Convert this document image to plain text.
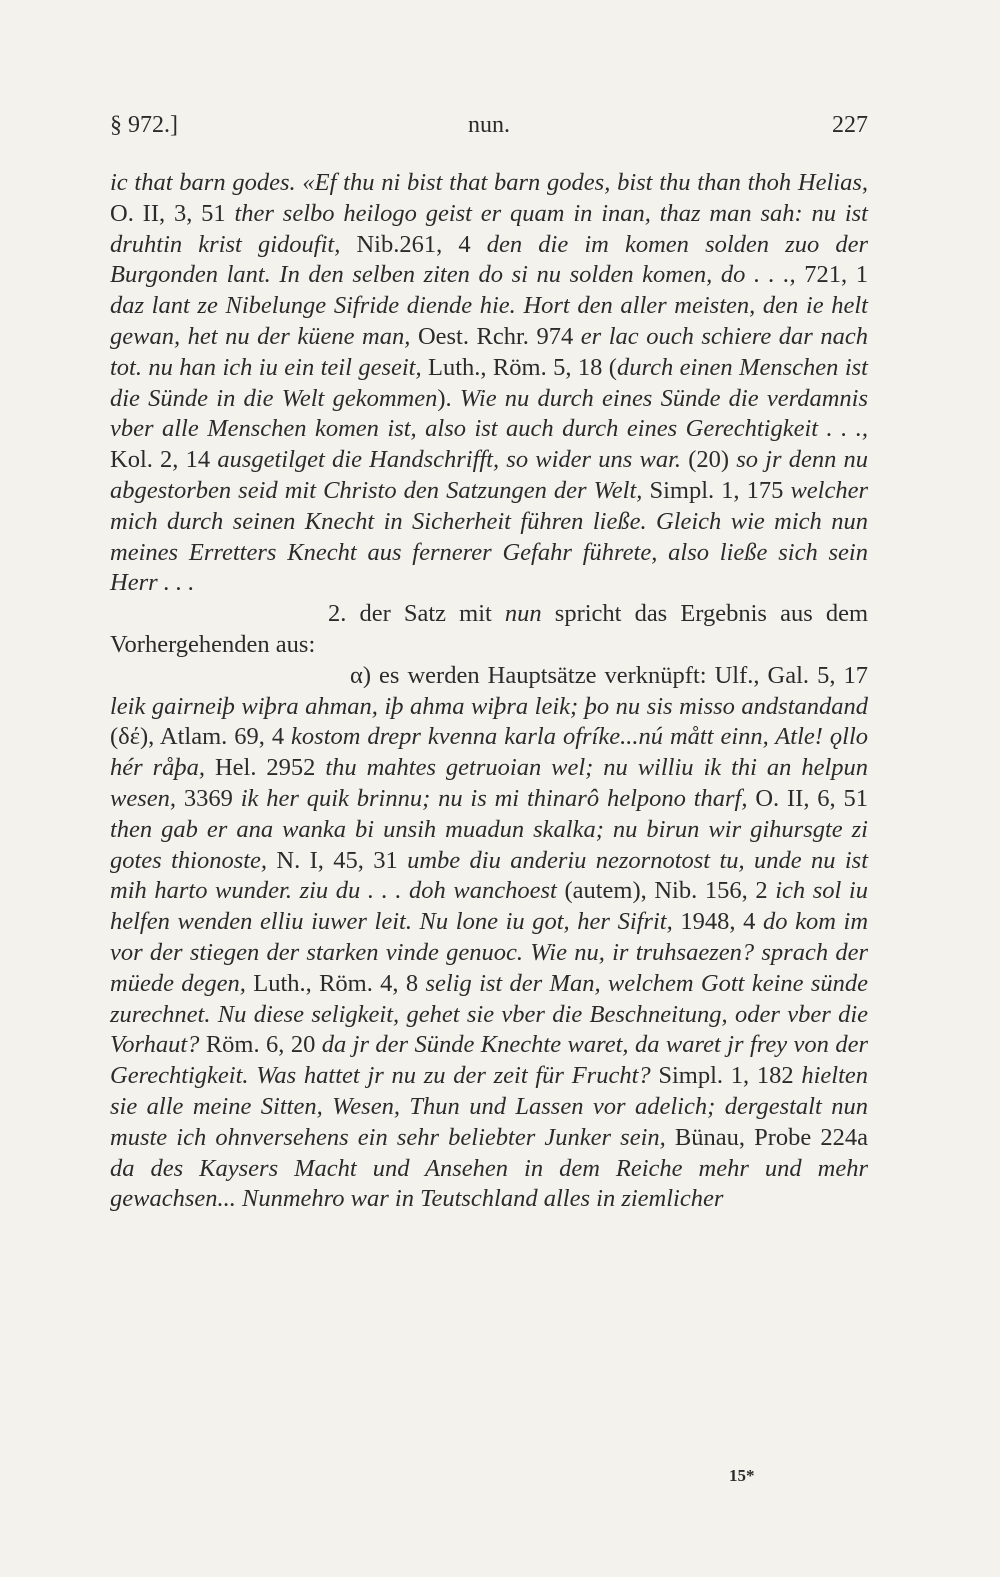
§ 972.]	nun.	227

ic that barn godes. «Ef thu ni bist that barn godes, bist thu than thoh Helias, O. II, 3, 51 ther selbo heilogo geist er quam in inan, thaz man sah: nu ist druhtin krist gidoufit, Nib.261, 4 den die im komen solden zuo der Burgonden lant. In den selben ziten do si nu solden komen, do . . ., 721, 1 daz lant ze Nibelunge Sifride diende hie. Hort den aller meisten, den ie helt gewan, het nu der küene man, Oest. Rchr. 974 er lac ouch schiere dar nach tot. nu han ich iu ein teil geseit, Luth., Röm. 5, 18 (durch einen Menschen ist die Sünde in die Welt gekommen). Wie nu durch eines Sünde die verdamnis vber alle Menschen komen ist, also ist auch durch eines Gerechtigkeit . . ., Kol. 2, 14 ausgetilget die Handschrifft, so wider uns war. (20) so jr denn nu abgestorben seid mit Christo den Satzungen der Welt, Simpl. 1, 175 welcher mich durch seinen Knecht in Sicherheit führen ließe. Gleich wie mich nun meines Erretters Knecht aus fernerer Gefahr führete, also ließe sich sein Herr . . .

2. der Satz mit nun spricht das Ergebnis aus dem Vorhergehenden aus:

α) es werden Hauptsätze verknüpft: Ulf., Gal. 5, 17 leik gairneiþ wiþra ahman, iþ ahma wiþra leik; þo nu sis misso andstandand (δέ), Atlam. 69, 4 kostom drepr kvenna karla ofríke...nú mått einn, Atle! ǫllo hér råþa, Hel. 2952 thu mahtes getruoian wel; nu williu ik thi an helpun wesen, 3369 ik her quik brinnu; nu is mi thinarô helpono tharf, O. II, 6, 51 then gab er ana wanka bi unsih muadun skalka; nu birun wir gihursgte zi gotes thionoste, N. I, 45, 31 umbe diu anderiu nezornotost tu, unde nu ist mih harto wunder. ziu du . . . doh wanchoest (autem), Nib. 156, 2 ich sol iu helfen wenden elliu iuwer leit. Nu lone iu got, her Sifrit, 1948, 4 do kom im vor der stiegen der starken vinde genuoc. Wie nu, ir truhsaezen? sprach der müede degen, Luth., Röm. 4, 8 selig ist der Man, welchem Gott keine sünde zurechnet. Nu diese seligkeit, gehet sie vber die Beschneitung, oder vber die Vorhaut? Röm. 6, 20 da jr der Sünde Knechte waret, da waret jr frey von der Gerechtigkeit. Was hattet jr nu zu der zeit für Frucht? Simpl. 1, 182 hielten sie alle meine Sitten, Wesen, Thun und Lassen vor adelich; dergestalt nun muste ich ohnversehens ein sehr beliebter Junker sein, Bünau, Probe 224a da des Kaysers Macht und Ansehen in dem Reiche mehr und mehr gewachsen... Nunmehro war in Teutschland alles in ziemlicher

15*
